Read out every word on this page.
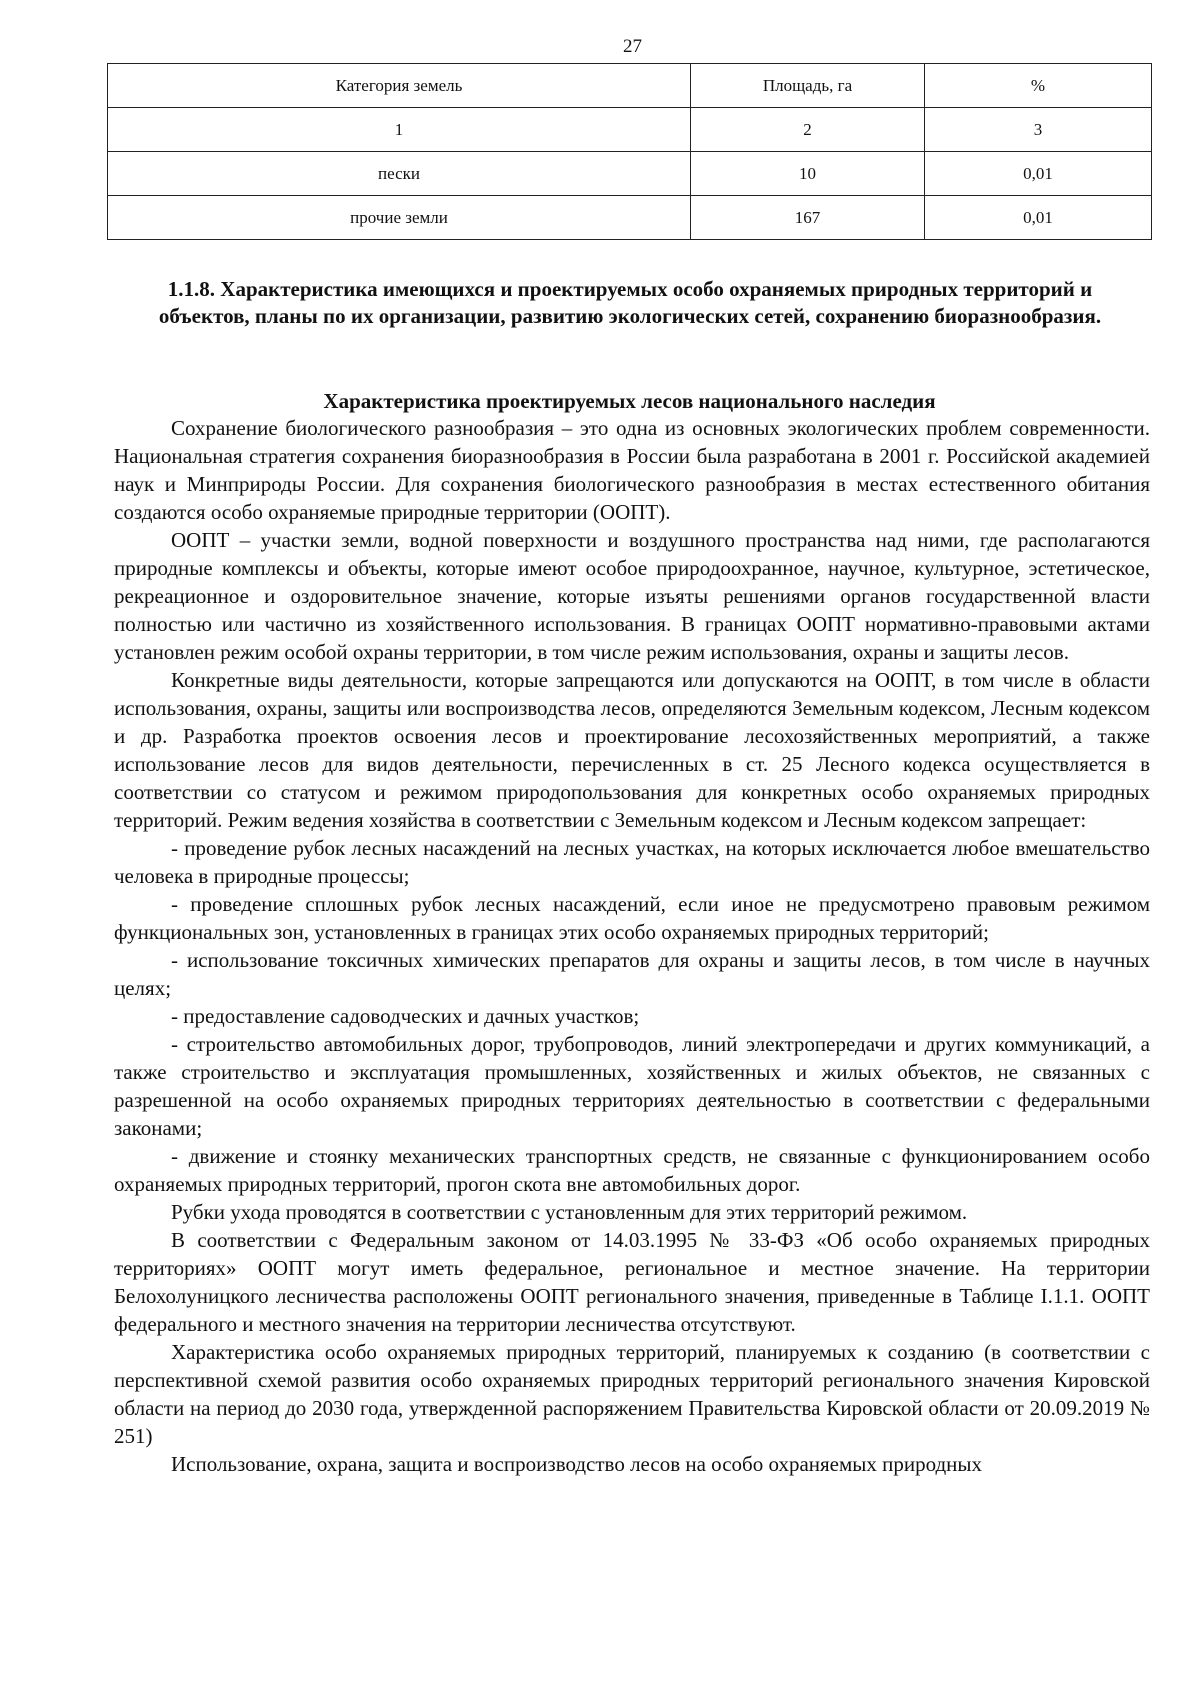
27
Категория земель	Площадь, га	%
1	2	3
пески	10	0,01
прочие земли	167	0,01
1.1.8. Характеристика имеющихся и проектируемых особо охраняемых природных территорий и объектов, планы по их организации, развитию экологических сетей, сохранению биоразнообразия.
Характеристика проектируемых лесов национального наследия

Сохранение биологического разнообразия – это одна из основных экологических проблем современности. Национальная стратегия сохранения биоразнообразия в России была разработана в 2001 г. Российской академией наук и Минприроды России. Для сохранения биологического разнообразия в местах естественного обитания создаются особо охраняемые природные территории (ООПТ).

ООПТ – участки земли, водной поверхности и воздушного пространства над ними, где располагаются природные комплексы и объекты, которые имеют особое природоохранное, научное, культурное, эстетическое, рекреационное и оздоровительное значение, которые изъяты решениями органов государственной власти полностью или частично из хозяйственного использования. В границах ООПТ нормативно-правовыми актами установлен режим особой охраны территории, в том числе режим использования, охраны и защиты лесов.

Конкретные виды деятельности, которые запрещаются или допускаются на ООПТ, в том числе в области использования, охраны, защиты или воспроизводства лесов, определяются Земельным кодексом, Лесным кодексом и др. Разработка проектов освоения лесов и проектирование лесохозяйственных мероприятий, а также использование лесов для видов деятельности, перечисленных в ст. 25 Лесного кодекса осуществляется в соответствии со статусом и режимом природопользования для конкретных особо охраняемых природных территорий. Режим ведения хозяйства в соответствии с Земельным кодексом и Лесным кодексом запрещает:

- проведение рубок лесных насаждений на лесных участках, на которых исключается любое вмешательство человека в природные процессы;

- проведение сплошных рубок лесных насаждений, если иное не предусмотрено правовым режимом функциональных зон, установленных в границах этих особо охраняемых природных территорий;

- использование токсичных химических препаратов для охраны и защиты лесов, в том числе в научных целях;

- предоставление садоводческих и дачных участков;

- строительство автомобильных дорог, трубопроводов, линий электропередачи и других коммуникаций, а также строительство и эксплуатация промышленных, хозяйственных и жилых объектов, не связанных с разрешенной на особо охраняемых природных территориях деятельностью в соответствии с федеральными законами;

- движение и стоянку механических транспортных средств, не связанные с функционированием особо охраняемых природных территорий, прогон скота вне автомобильных дорог.

Рубки ухода проводятся в соответствии с установленным для этих территорий режимом.

В соответствии с Федеральным законом от 14.03.1995 № 33-ФЗ «Об особо охраняемых природных территориях» ООПТ могут иметь федеральное, региональное и местное значение. На территории Белохолуницкого лесничества расположены ООПТ регионального значения, приведенные в Таблице I.1.1. ООПТ федерального и местного значения на территории лесничества отсутствуют.

Характеристика особо охраняемых природных территорий, планируемых к созданию (в соответствии с перспективной схемой развития особо охраняемых природных территорий регионального значения Кировской области на период до 2030 года, утвержденной распоряжением Правительства Кировской области от 20.09.2019 № 251)

Использование, охрана, защита и воспроизводство лесов на особо охраняемых природных
